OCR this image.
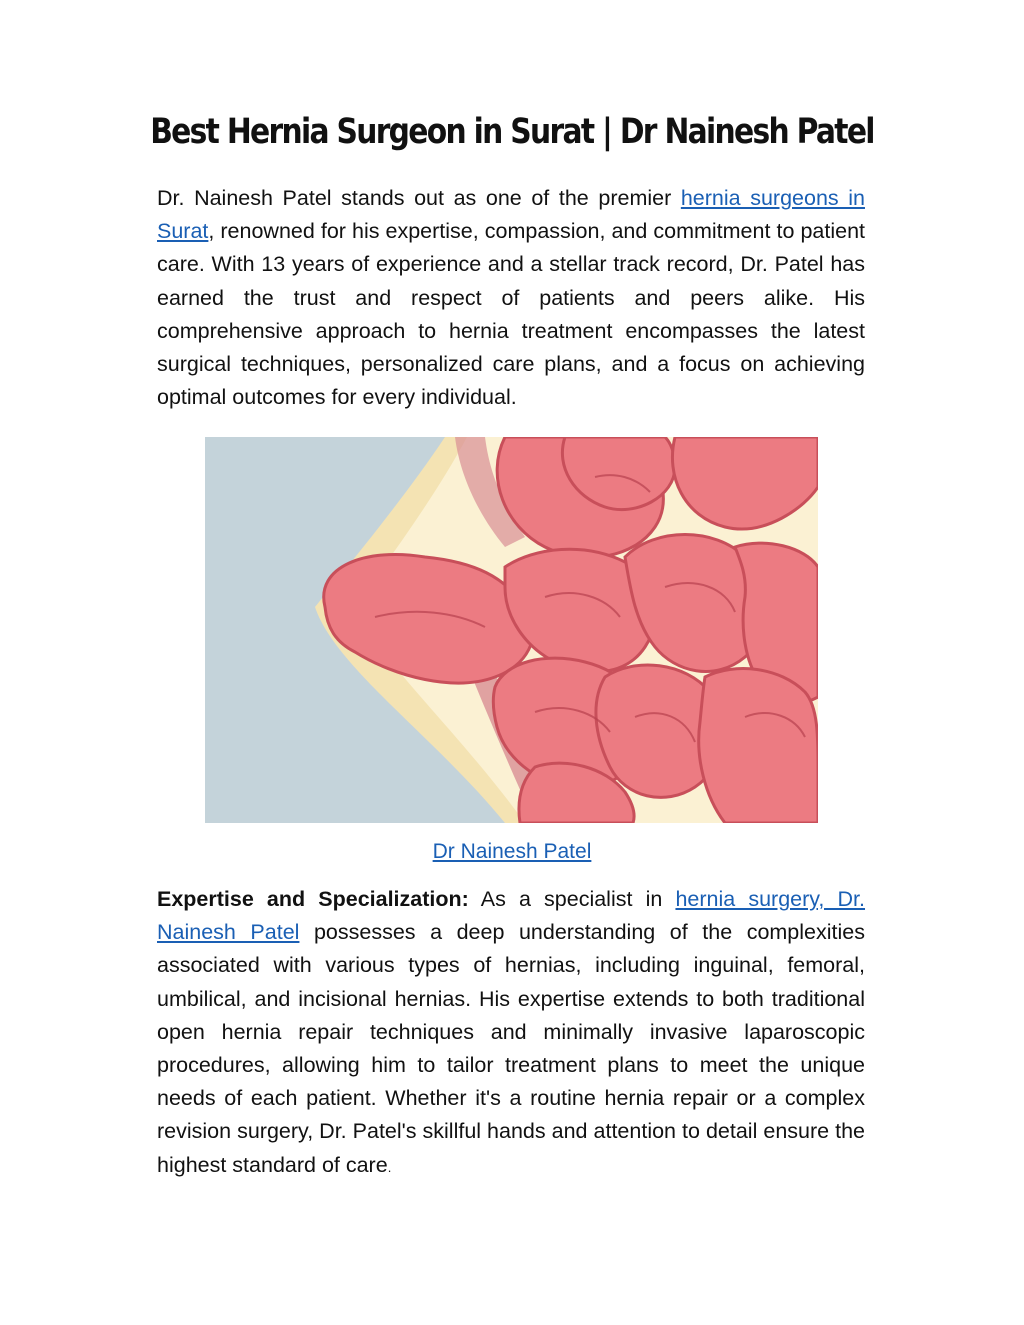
Best Hernia Surgeon in Surat | Dr Nainesh Patel

Dr. Nainesh Patel stands out as one of the premier hernia surgeons in Surat, renowned for his expertise, compassion, and commitment to patient care. With 13 years of experience and a stellar track record, Dr. Patel has earned the trust and respect of patients and peers alike. His comprehensive approach to hernia treatment encompasses the latest surgical techniques, personalized care plans, and a focus on achieving optimal outcomes for every individual.

Dr Nainesh Patel

Expertise and Specialization: As a specialist in hernia surgery, Dr. Nainesh Patel possesses a deep understanding of the complexities associated with various types of hernias, including inguinal, femoral, umbilical, and incisional hernias. His expertise extends to both traditional open hernia repair techniques and minimally invasive laparoscopic procedures, allowing him to tailor treatment plans to meet the unique needs of each patient. Whether it's a routine hernia repair or a complex revision surgery, Dr. Patel's skillful hands and attention to detail ensure the highest standard of care.
